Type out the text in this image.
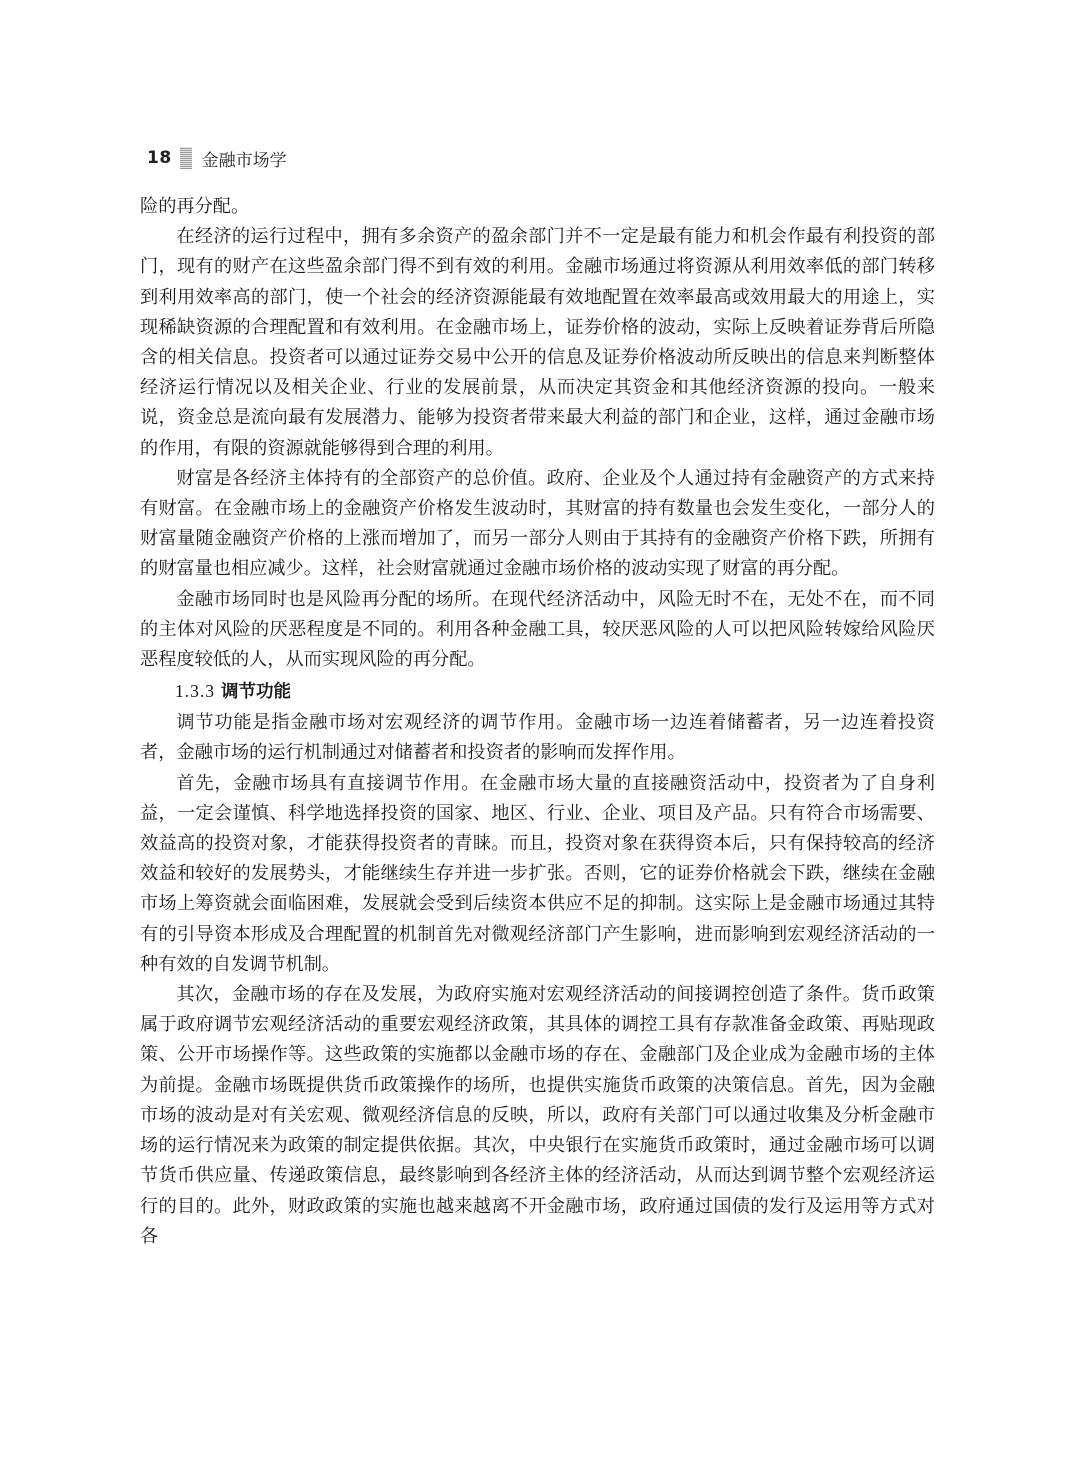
18 金融市场学

险的再分配。

在经济的运行过程中，拥有多余资产的盈余部门并不一定是最有能力和机会作最有利投资的部门，现有的财产在这些盈余部门得不到有效的利用。金融市场通过将资源从利用效率低的部门转移到利用效率高的部门，使一个社会的经济资源能最有效地配置在效率最高或效用最大的用途上，实现稀缺资源的合理配置和有效利用。在金融市场上，证券价格的波动，实际上反映着证券背后所隐含的相关信息。投资者可以通过证券交易中公开的信息及证券价格波动所反映出的信息来判断整体经济运行情况以及相关企业、行业的发展前景，从而决定其资金和其他经济资源的投向。一般来说，资金总是流向最有发展潜力、能够为投资者带来最大利益的部门和企业，这样，通过金融市场的作用，有限的资源就能够得到合理的利用。

财富是各经济主体持有的全部资产的总价值。政府、企业及个人通过持有金融资产的方式来持有财富。在金融市场上的金融资产价格发生波动时，其财富的持有数量也会发生变化，一部分人的财富量随金融资产价格的上涨而增加了，而另一部分人则由于其持有的金融资产价格下跌，所拥有的财富量也相应减少。这样，社会财富就通过金融市场价格的波动实现了财富的再分配。

金融市场同时也是风险再分配的场所。在现代经济活动中，风险无时不在，无处不在，而不同的主体对风险的厌恶程度是不同的。利用各种金融工具，较厌恶风险的人可以把风险转嫁给风险厌恶程度较低的人，从而实现风险的再分配。

1.3.3 调节功能

调节功能是指金融市场对宏观经济的调节作用。金融市场一边连着储蓄者，另一边连着投资者，金融市场的运行机制通过对储蓄者和投资者的影响而发挥作用。

首先，金融市场具有直接调节作用。在金融市场大量的直接融资活动中，投资者为了自身利益，一定会谨慎、科学地选择投资的国家、地区、行业、企业、项目及产品。只有符合市场需要、效益高的投资对象，才能获得投资者的青睐。而且，投资对象在获得资本后，只有保持较高的经济效益和较好的发展势头，才能继续生存并进一步扩张。否则，它的证券价格就会下跌，继续在金融市场上筹资就会面临困难，发展就会受到后续资本供应不足的抑制。这实际上是金融市场通过其特有的引导资本形成及合理配置的机制首先对微观经济部门产生影响，进而影响到宏观经济活动的一种有效的自发调节机制。

其次，金融市场的存在及发展，为政府实施对宏观经济活动的间接调控创造了条件。货币政策属于政府调节宏观经济活动的重要宏观经济政策，其具体的调控工具有存款准备金政策、再贴现政策、公开市场操作等。这些政策的实施都以金融市场的存在、金融部门及企业成为金融市场的主体为前提。金融市场既提供货币政策操作的场所，也提供实施货币政策的决策信息。首先，因为金融市场的波动是对有关宏观、微观经济信息的反映，所以，政府有关部门可以通过收集及分析金融市场的运行情况来为政策的制定提供依据。其次，中央银行在实施货币政策时，通过金融市场可以调节货币供应量、传递政策信息，最终影响到各经济主体的经济活动，从而达到调节整个宏观经济运行的目的。此外，财政政策的实施也越来越离不开金融市场，政府通过国债的发行及运用等方式对各
